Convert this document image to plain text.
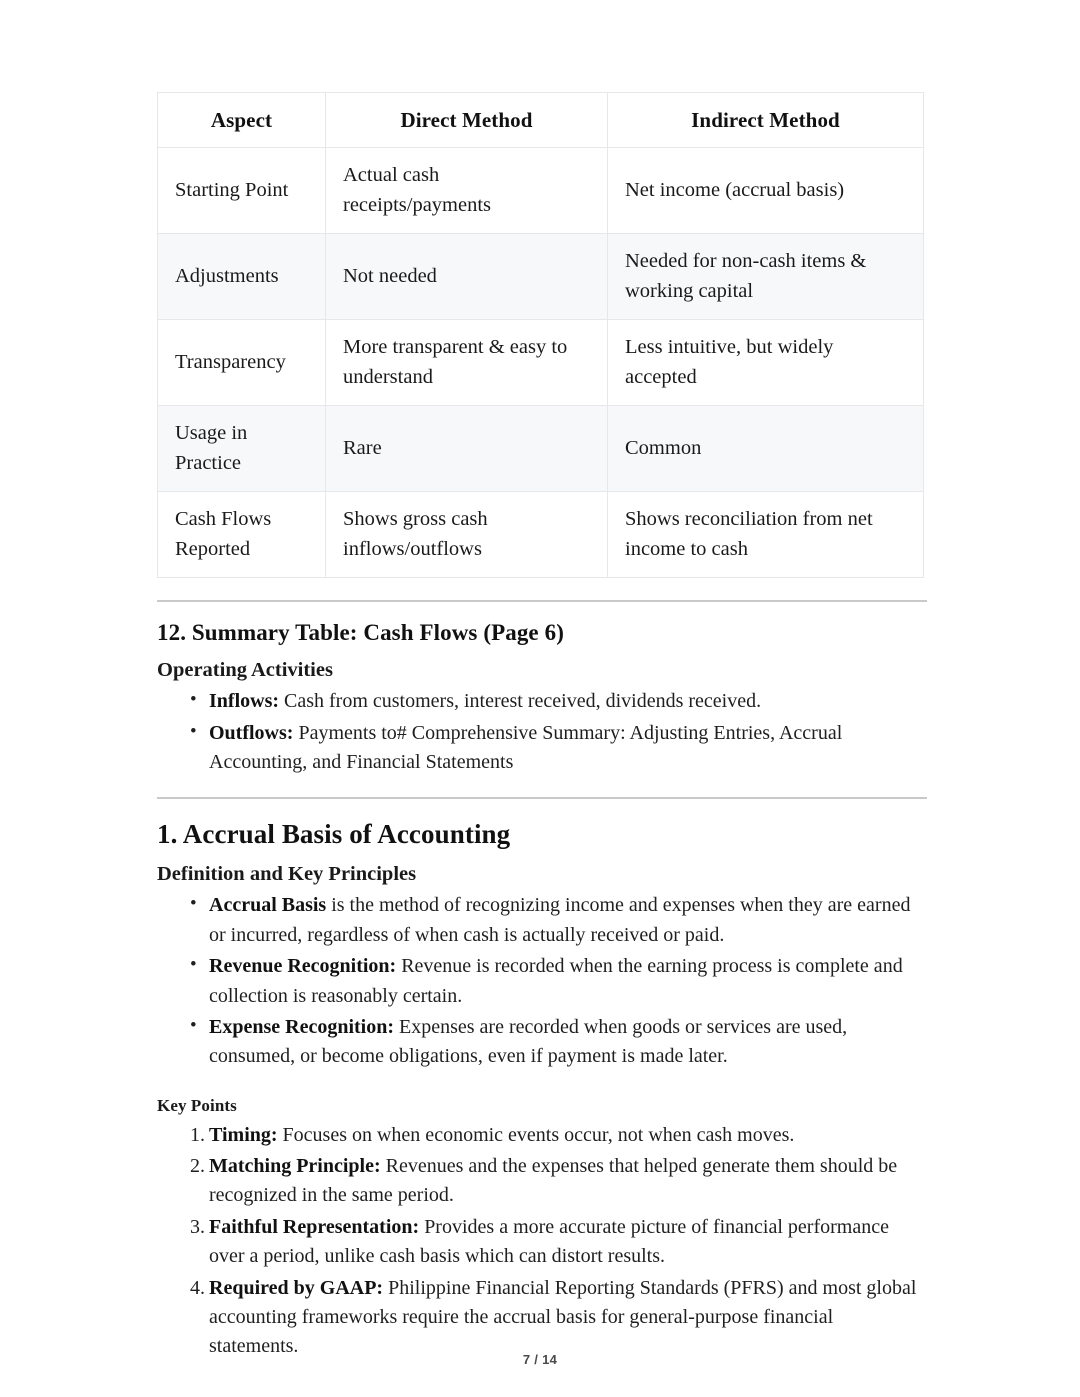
Aspect	Direct Method	Indirect Method
Starting Point	Actual cash receipts/payments	Net income (accrual basis)
Adjustments	Not needed	Needed for non-cash items & working capital
Transparency	More transparent & easy to understand	Less intuitive, but widely accepted
Usage in Practice	Rare	Common
Cash Flows Reported	Shows gross cash inflows/outflows	Shows reconciliation from net income to cash
12. Summary Table: Cash Flows (Page 6)
Operating Activities
• Inflows: Cash from customers, interest received, dividends received.
• Outflows: Payments to# Comprehensive Summary: Adjusting Entries, Accrual Accounting, and Financial Statements
1. Accrual Basis of Accounting
Definition and Key Principles
• Accrual Basis is the method of recognizing income and expenses when they are earned or incurred, regardless of when cash is actually received or paid.
• Revenue Recognition: Revenue is recorded when the earning process is complete and collection is reasonably certain.
• Expense Recognition: Expenses are recorded when goods or services are used, consumed, or become obligations, even if payment is made later.
Key Points
Timing: Focuses on when economic events occur, not when cash moves.
Matching Principle: Revenues and the expenses that helped generate them should be recognized in the same period.
Faithful Representation: Provides a more accurate picture of financial performance over a period, unlike cash basis which can distort results.
Required by GAAP: Philippine Financial Reporting Standards (PFRS) and most global accounting frameworks require the accrual basis for general-purpose financial statements.
7 / 14
